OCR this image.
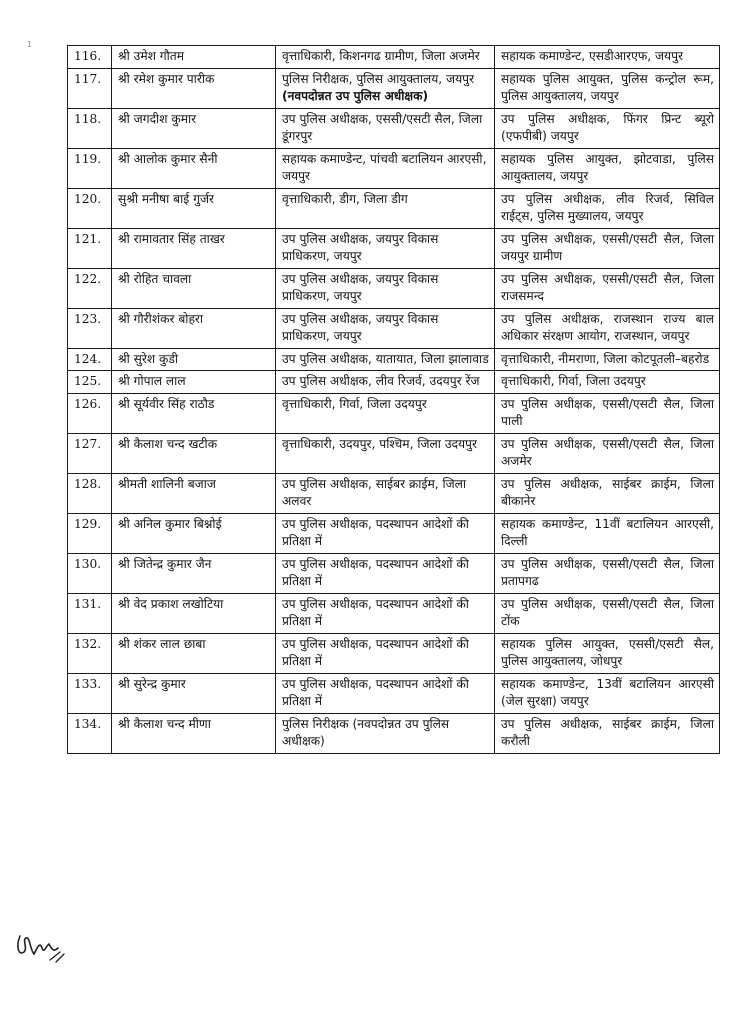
1
116.	श्री उमेश गौतम	वृत्ताधिकारी, किशनगढ ग्रामीण, जिला अजमेर	सहायक कमाण्डेन्ट, एसडीआरएफ, जयपुर
117.	श्री रमेश कुमार पारीक	पुलिस निरीक्षक, पुलिस आयुक्तालय, जयपुर (नवपदोन्नत उप पुलिस अधीक्षक)	सहायक पुलिस आयुक्त, पुलिस कन्ट्रोल रूम, पुलिस आयुक्तालय, जयपुर
118.	श्री जगदीश कुमार	उप पुलिस अधीक्षक, एससी/एसटी सैल, जिला डूंगरपुर	उप पुलिस अधीक्षक, फिंगर प्रिन्ट ब्यूरो (एफपीबी) जयपुर
119.	श्री आलोक कुमार सैनी	सहायक कमाण्डेन्ट, पांचवी बटालियन आरएसी, जयपुर	सहायक पुलिस आयुक्त, झोटवाडा, पुलिस आयुक्तालय, जयपुर
120.	सुश्री मनीषा बाई गुर्जर	वृत्ताधिकारी, डीग, जिला डीग	उप पुलिस अधीक्षक, लीव रिजर्व, सिविल राईट्स, पुलिस मुख्यालय, जयपुर
121.	श्री रामावतार सिंह ताखर	उप पुलिस अधीक्षक, जयपुर विकास प्राधिकरण, जयपुर	उप पुलिस अधीक्षक, एससी/एसटी सैल, जिला जयपुर ग्रामीण
122.	श्री रोहित चावला	उप पुलिस अधीक्षक, जयपुर विकास प्राधिकरण, जयपुर	उप पुलिस अधीक्षक, एससी/एसटी सैल, जिला राजसमन्द
123.	श्री गौरीशंकर बोहरा	उप पुलिस अधीक्षक, जयपुर विकास प्राधिकरण, जयपुर	उप पुलिस अधीक्षक, राजस्थान राज्य बाल अधिकार संरक्षण आयोग, राजस्थान, जयपुर
124.	श्री सुरेश कुडी	उप पुलिस अधीक्षक, यातायात, जिला झालावाड	वृत्ताधिकारी, नीमराणा, जिला कोटपूतली–बहरोड
125.	श्री गोपाल लाल	उप पुलिस अधीक्षक, लीव रिजर्व, उदयपुर रेंज	वृत्ताधिकारी, गिर्वा, जिला उदयपुर
126.	श्री सूर्यवीर सिंह राठौड	वृत्ताधिकारी, गिर्वा, जिला उदयपुर	उप पुलिस अधीक्षक, एससी/एसटी सैल, जिला पाली
127.	श्री कैलाश चन्द खटीक	वृत्ताधिकारी, उदयपुर, पश्चिम, जिला उदयपुर	उप पुलिस अधीक्षक, एससी/एसटी सैल, जिला अजमेर
128.	श्रीमती शालिनी बजाज	उप पुलिस अधीक्षक, साईबर क्राईम, जिला अलवर	उप पुलिस अधीक्षक, साईबर क्राईम, जिला बीकानेर
129.	श्री अनिल कुमार बिश्नोई	उप पुलिस अधीक्षक, पदस्थापन आदेशों की प्रतिक्षा में	सहायक कमाण्डेन्ट, 11वीं बटालियन आरएसी, दिल्ली
130.	श्री जितेन्द्र कुमार जैन	उप पुलिस अधीक्षक, पदस्थापन आदेशों की प्रतिक्षा में	उप पुलिस अधीक्षक, एससी/एसटी सैल, जिला प्रतापगढ
131.	श्री वेद प्रकाश लखोटिया	उप पुलिस अधीक्षक, पदस्थापन आदेशों की प्रतिक्षा में	उप पुलिस अधीक्षक, एससी/एसटी सैल, जिला टोंक
132.	श्री शंकर लाल छाबा	उप पुलिस अधीक्षक, पदस्थापन आदेशों की प्रतिक्षा में	सहायक पुलिस आयुक्त, एससी/एसटी सैल, पुलिस आयुक्तालय, जोधपुर
133.	श्री सुरेन्द्र कुमार	उप पुलिस अधीक्षक, पदस्थापन आदेशों की प्रतिक्षा में	सहायक कमाण्डेन्ट, 13वीं बटालियन आरएसी (जेल सुरक्षा) जयपुर
134.	श्री कैलाश चन्द मीणा	पुलिस निरीक्षक (नवपदोन्नत उप पुलिस अधीक्षक)	उप पुलिस अधीक्षक, साईबर क्राईम, जिला करौली
